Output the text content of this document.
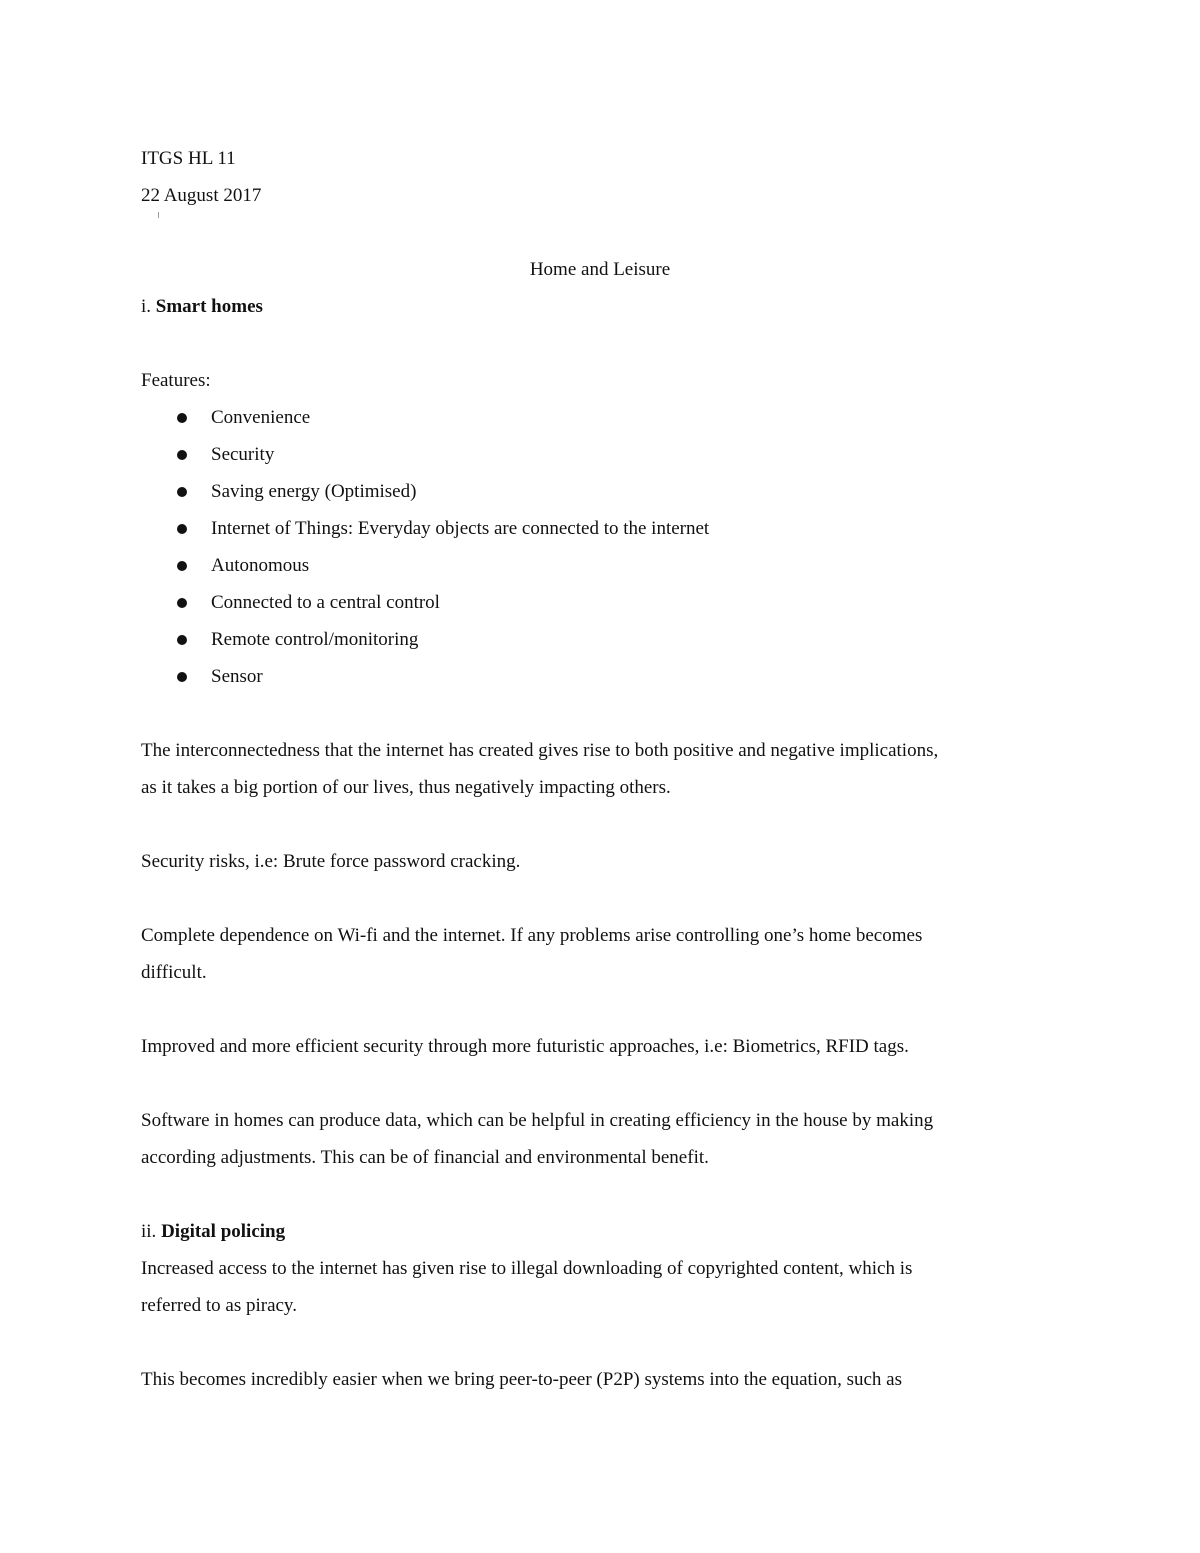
ITGS HL 11

22 August 2017

Home and Leisure

i. Smart homes

Features:

Convenience
Security
Saving energy (Optimised)
Internet of Things: Everyday objects are connected to the internet
Autonomous
Connected to a central control
Remote control/monitoring
Sensor

The interconnectedness that the internet has created gives rise to both positive and negative implications,

as it takes a big portion of our lives, thus negatively impacting others.

Security risks, i.e: Brute force password cracking.

Complete dependence on Wi-fi and the internet. If any problems arise controlling one’s home becomes

difficult.

Improved and more efficient security through more futuristic approaches, i.e: Biometrics, RFID tags.

Software in homes can produce data, which can be helpful in creating efficiency in the house by making

according adjustments. This can be of financial and environmental benefit.

ii. Digital policing

Increased access to the internet has given rise to illegal downloading of copyrighted content, which is

referred to as piracy.

This becomes incredibly easier when we bring peer-to-peer (P2P) systems into the equation, such as
